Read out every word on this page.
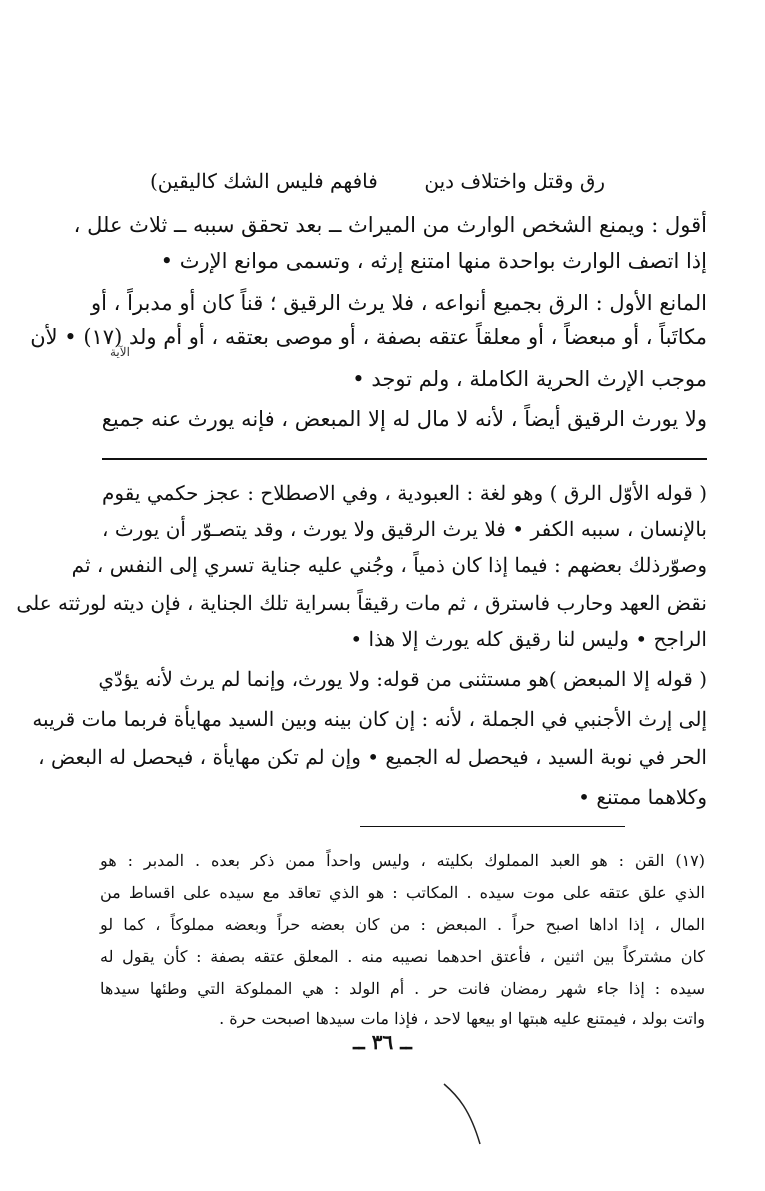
رق وقتل واختلاف دين
فافهم فليس الشك كاليقين)
أقول : ويمنع الشخص الوارث من الميراث ــ بعد تحقق سببه ــ ثلاث علل ،
إذا اتصف الوارث بواحدة منها امتنع إرثه ، وتسمى موانع الإرث •
المانع الأول : الرق بجميع أنواعه ، فلا يرث الرقيق ؛ قناً كان أو مدبراً ، أو
مكاتَباً ، أو مبعضاً ، أو معلقاً عتقه بصفة ، أو موصى بعتقه ، أو أم ولد (١٧) • لأن
موجب الإرث الحرية الكاملة ، ولم توجد •
ولا يورث الرقيق أيضاً ، لأنه لا مال له إلا المبعض ، فإنه يورث عنه جميع
الآية
( قوله الأوّل الرق ) وهو لغة : العبودية ، وفي الاصطلاح : عجز حكمي يقوم
بالإنسان ، سببه الكفر • فلا يرث الرقيق ولا يورث ، وقد يتصـوّر أن يورث ،
وصوّرذلك بعضهم : فيما إذا كان ذمياً ، وجُني عليه جناية تسري إلى النفس ، ثم
نقض العهد وحارب فاسترق ، ثم مات رقيقاً بسراية تلك الجناية ، فإن ديته لورثته على
الراجح • وليس لنا رقيق كله يورث إلا هذا •
( قوله إلا المبعض )هو مستثنى من قوله: ولا يورث، وإنما لم يرث لأنه يؤدّي
إلى إرث الأجنبي في الجملة ، لأنه : إن كان بينه وبين السيد مهايأة فربما مات قريبه
الحر في نوبة السيد ، فيحصل له الجميع • وإن لم تكن مهايأة ، فيحصل له البعض ،
وكلاهما ممتنع •
(١٧) القن : هو العبد المملوك بكليته ، وليس واحداً ممن ذكر بعده . المدبر : هو
الذي علق عتقه على موت سيده . المكاتب : هو الذي تعاقد مع سيده على اقساط من
المال ، إذا اداها اصبح حراً . المبعض : من كان بعضه حراً وبعضه مملوكاً ، كما لو
كان مشتركاً بين اثنين ، فأعتق احدهما نصيبه منه . المعلق عتقه بصفة : كأن يقول له
سيده : إذا جاء شهر رمضان فانت حر . أم الولد : هي المملوكة التي وطئها سيدها
واتت بولد ، فيمتنع عليه هبتها او بيعها لاحد ، فإذا مات سيدها اصبحت حرة .
ــ ٣٦ ــ
